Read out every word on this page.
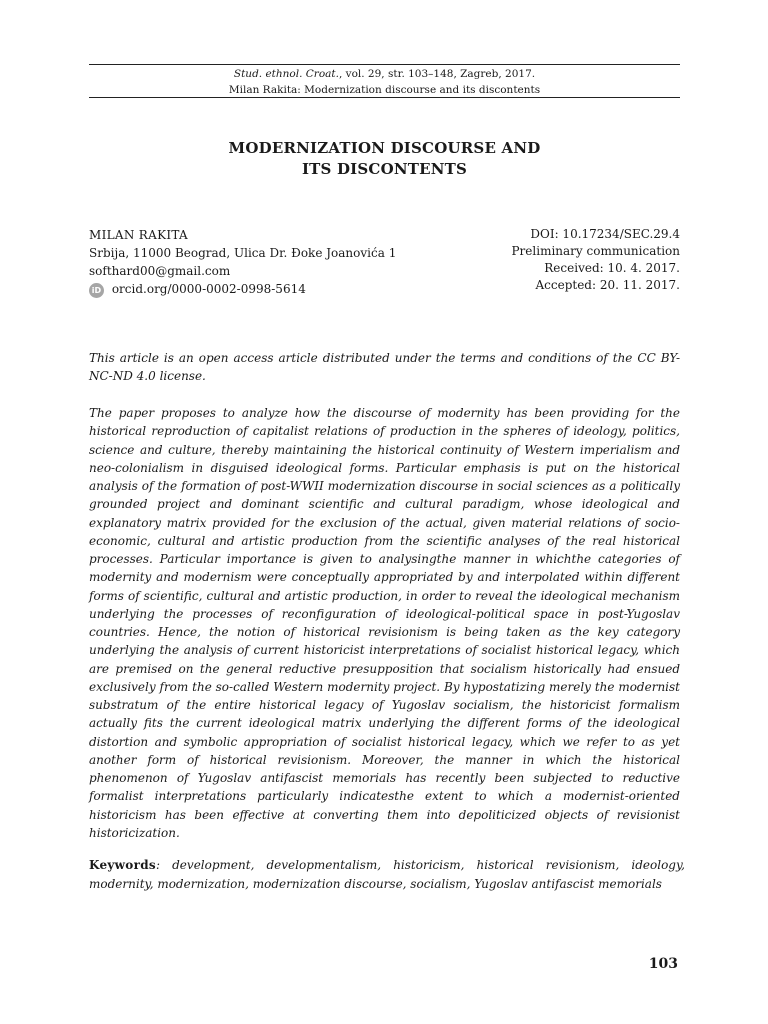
Stud. ethnol. Croat., vol. 29, str. 103–148, Zagreb, 2017.
Milan Rakita: Modernization discourse and its discontents
MODERNIZATION DISCOURSE AND
ITS DISCONTENTS
MILAN RAKITA
Srbija, 11000 Beograd, Ulica Dr. Đoke Joanovića 1
softhard00@gmail.com
iD orcid.org/0000-0002-0998-5614
DOI: 10.17234/SEC.29.4
Preliminary communication
Received: 10. 4. 2017.
Accepted: 20. 11. 2017.

This article is an open access article distributed under the terms and conditions of the CC BY-NC-ND 4.0 license.

The paper proposes to analyze how the discourse of modernity has been providing for the historical reproduction of capitalist relations of production in the spheres of ideology, politics, science and culture, thereby maintaining the historical continuity of Western imperialism and neo-colonialism in disguised ideological forms. Particular emphasis is put on the historical analysis of the formation of post-WWII modernization discourse in social sciences as a politically grounded project and dominant scientific and cultural paradigm, whose ideological and explanatory matrix provided for the exclusion of the actual, given material relations of socio-economic, cultural and artistic production from the scientific analyses of the real historical processes. Particular importance is given to analysingthe manner in whichthe categories of modernity and modernism were conceptually appropriated by and interpolated within different forms of scientific, cultural and artistic production, in order to reveal the ideological mechanism underlying the processes of reconfiguration of ideological-political space in post-Yugoslav countries. Hence, the notion of historical revisionism is being taken as the key category underlying the analysis of current historicist interpretations of socialist historical legacy, which are premised on the general reductive presupposition that socialism historically had ensued exclusively from the so-called Western modernity project. By hypostatizing merely the modernist substratum of the entire historical legacy of Yugoslav socialism, the historicist formalism actually fits the current ideological matrix underlying the different forms of the ideological distortion and symbolic appropriation of socialist historical legacy, which we refer to as yet another form of historical revisionism. Moreover, the manner in which the historical phenomenon of Yugoslav antifascist memorials has recently been subjected to reductive formalist interpretations particularly indicatesthe extent to which a modernist-oriented historicism has been effective at converting them into depoliticized objects of revisionist historicization.

Keywords: development, developmentalism, historicism, historical revisionism, ideology, modernity, modernization, modernization discourse, socialism, Yugoslav antifascist memorials

103
